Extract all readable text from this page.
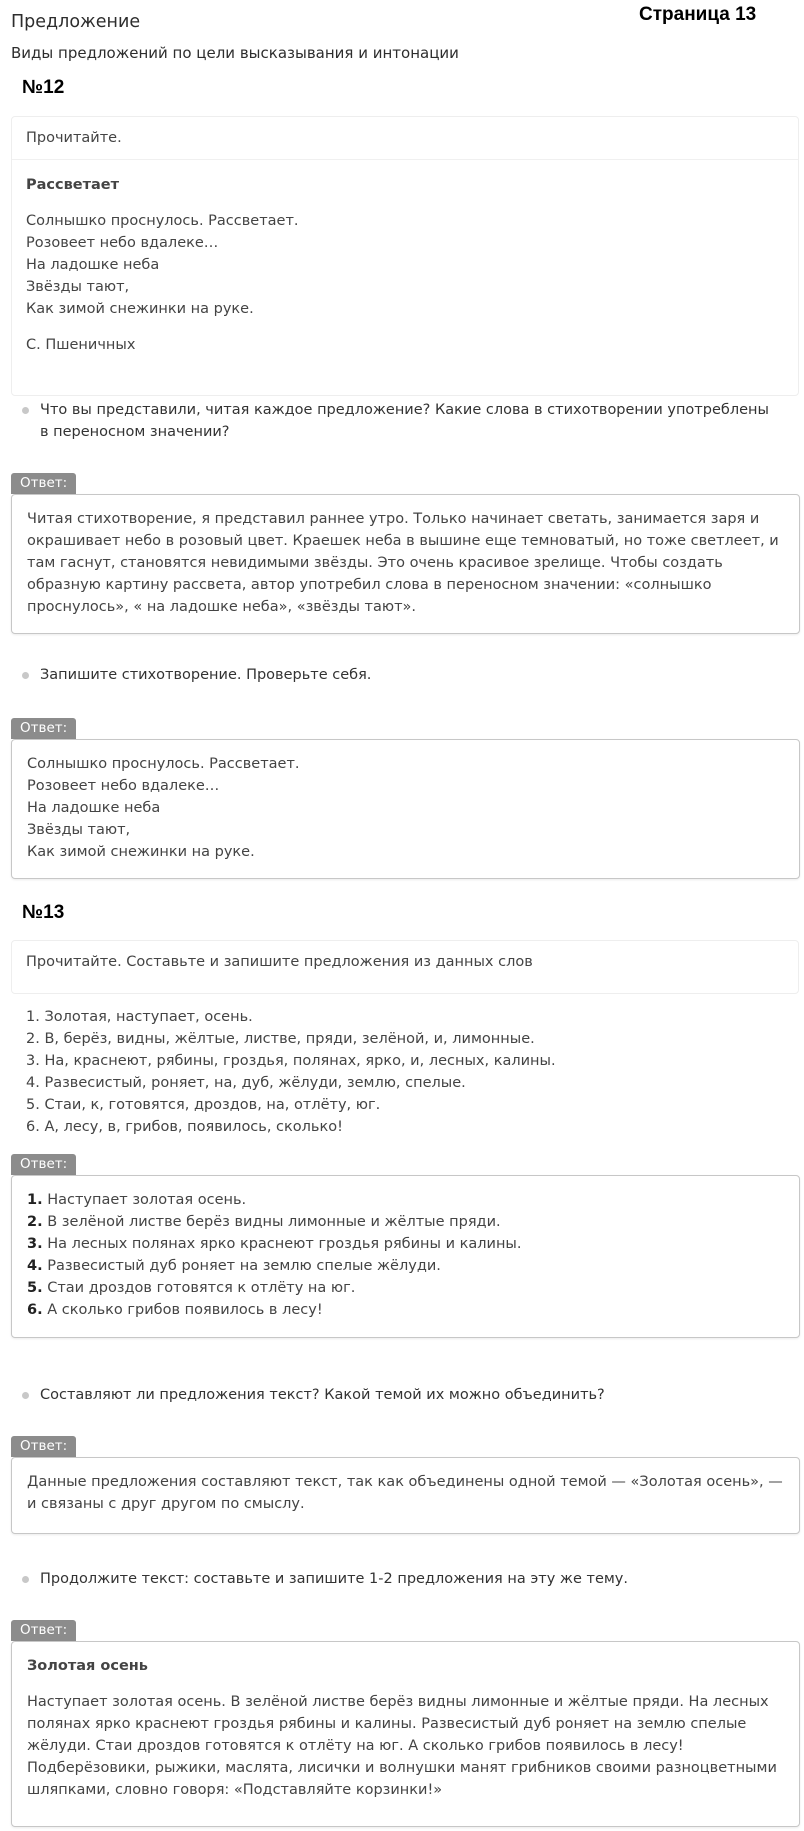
Предложение
Виды предложений по цели высказывания и интонации
Страница 13
№12
Прочитайте.
Рассветает

Солнышко проснулось. Рассветает.

Розовеет небо вдалеке…

На ладошке неба

Звёзды тают,

Как зимой снежинки на руке.

С. Пшеничных
Что вы представили, читая каждое предложение? Какие слова в стихотворении употреблены в переносном значении?
Ответ:

Читая стихотворение, я представил раннее утро. Только начинает светать, занимается заря и окрашивает небо в розовый цвет. Краешек неба в вышине еще темноватый, но тоже светлеет, и там гаснут, становятся невидимыми звёзды. Это очень красивое зрелище. Чтобы создать образную картину рассвета, автор употребил слова в переносном значении: «солнышко проснулось», « на ладошке неба», «звёзды тают».

Запишите стихотворение. Проверьте себя.
Ответ:

Солнышко проснулось. Рассветает.

Розовеет небо вдалеке…

На ладошке неба

Звёзды тают,

Как зимой снежинки на руке.

№13
Прочитайте. Составьте и запишите предложения из данных слов

1. Золотая, наступает, осень.

2. В, берёз, видны, жёлтые, листве, пряди, зелёной, и, лимонные.

3. На, краснеют, рябины, гроздья, полянах, ярко, и, лесных, калины.

4. Развесистый, роняет, на, дуб, жёлуди, землю, спелые.

5. Стаи, к, готовятся, дроздов, на, отлёту, юг.

6. А, лесу, в, грибов, появилось, сколько!

Ответ:

1. Наступает золотая осень.

2. В зелёной листве берёз видны лимонные и жёлтые пряди.

3. На лесных полянах ярко краснеют гроздья рябины и калины.

4. Развесистый дуб роняет на землю спелые жёлуди.

5. Стаи дроздов готовятся к отлёту на юг.

6. А сколько грибов появилось в лесу!

Составляют ли предложения текст? Какой темой их можно объединить?
Ответ:

Данные предложения составляют текст, так как объединены одной темой — «Золотая осень», — и связаны с друг другом по смыслу.

Продолжите текст: составьте и запишите 1-2 предложения на эту же тему.
Ответ:

Золотая осень

Наступает золотая осень. В зелёной листве берёз видны лимонные и жёлтые пряди. На лесных полянах ярко краснеют гроздья рябины и калины. Развесистый дуб роняет на землю спелые жёлуди. Стаи дроздов готовятся к отлёту на юг. А сколько грибов появилось в лесу! Подберёзовики, рыжики, маслята, лисички и волнушки манят грибников своими разноцветными шляпками, словно говоря: «Подставляйте корзинки!»
